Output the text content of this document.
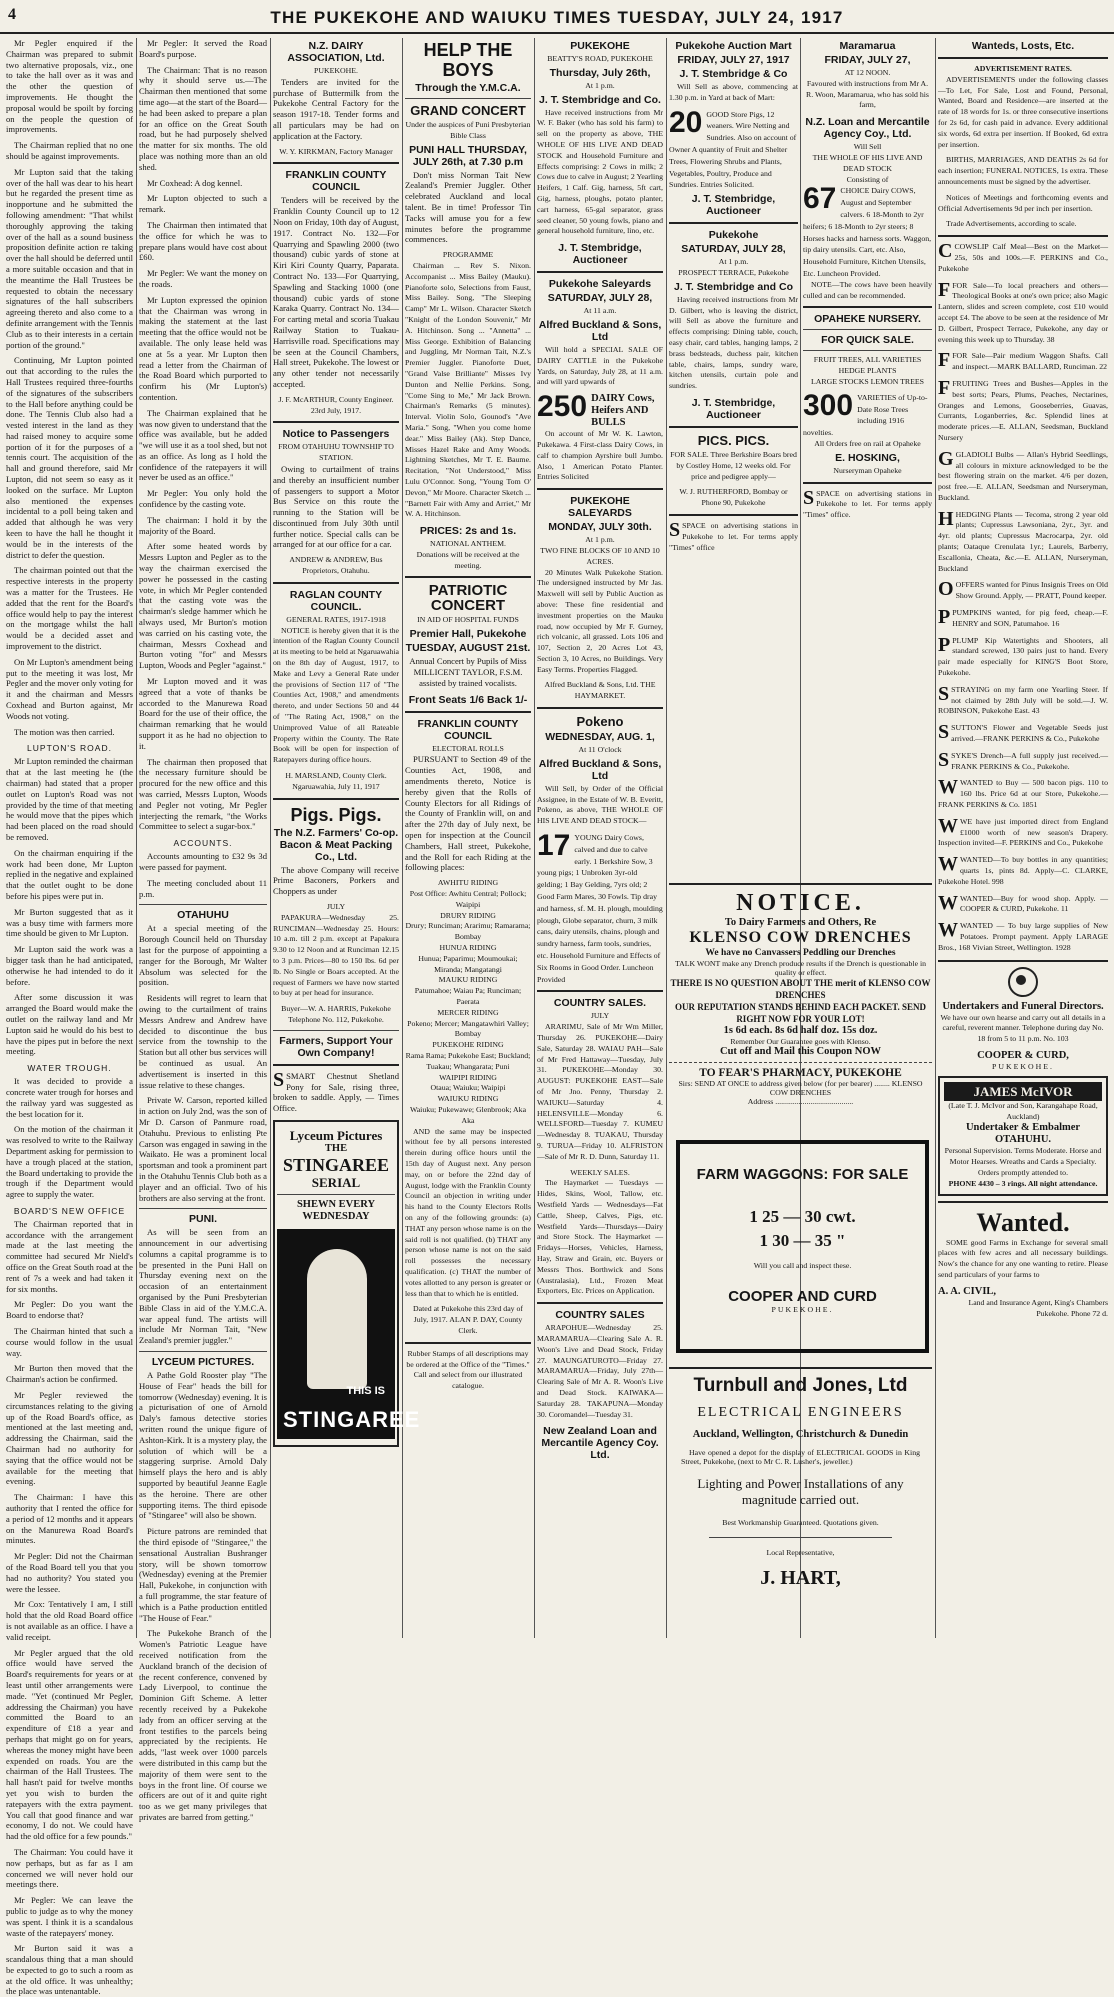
4	THE PUKEKOHE AND WAIUKU TIMES TUESDAY, JULY 24, 1917

Mr Pegler enquired if the Chairman was prepared to submit two alternative proposals, viz., one to take the hall over as it was and the other the question of improvements. He thought the proposal would be spoilt by forcing on the people the question of improvements.

The Chairman replied that no one should be against improvements.

Mr Lupton said that the taking over of the hall was dear to his heart but he regarded the present time as inopportune and he submitted the following amendment: "That whilst thoroughly approving the taking over of the hall as a sound business proposition definite action re taking over the hall should be deferred until a more suitable occasion and that in the meantime the Hall Trustees be requested to obtain the necessary signatures of the hall subscribers agreeing thereto and also come to a definite arrangement with the Tennis Club as to their interests in a certain portion of the ground."

Continuing, Mr Lupton pointed out that according to the rules the Hall Trustees required three-fourths of the signatures of the subscribers to the Hall before anything could be done. The Tennis Club also had a vested interest in the land as they had raised money to acquire some portion of it for the purposes of a tennis court. The acquisition of the hall and ground therefore, said Mr Lupton, did not seem so easy as it looked on the surface. Mr Lupton also mentioned the expenses incidental to a poll being taken and added that although he was very keen to have the hall he thought it would be in the interests of the district to defer the question.

The chairman pointed out that the respective interests in the property was a matter for the Trustees. He added that the rent for the Board's office would help to pay the interest on the mortgage whilst the hall would be a decided asset and improvement to the district.

On Mr Lupton's amendment being put to the meeting it was lost, Mr Pegler and the mover only voting for it and the chairman and Messrs Coxhead and Burton against, Mr Woods not voting.

The motion was then carried.

LUPTON'S ROAD.

Mr Lupton reminded the chairman that at the last meeting he (the chairman) had stated that a proper outlet on Lupton's Road was not provided by the time of that meeting he would move that the pipes which had been placed on the road should be removed.

On the chairman enquiring if the work had been done, Mr Lupton replied in the negative and explained that the outlet ought to be done before his pipes were put in.

Mr Burton suggested that as it was a busy time with farmers more time should be given to Mr Lupton.

Mr Lupton said the work was a bigger task than he had anticipated, otherwise he had intended to do it before.

After some discussion it was arranged the Board would make the outlet on the railway land and Mr Lupton said he would do his best to have the pipes put in before the next meeting.

WATER TROUGH.

It was decided to provide a concrete water trough for horses and the railway yard was suggested as the best location for it.

On the motion of the chairman it was resolved to write to the Railway Department asking for permission to have a trough placed at the station, the Board undertaking to provide the trough if the Department would agree to supply the water.

BOARD'S NEW OFFICE

The Chairman reported that in accordance with the arrangement made at the last meeting the committee had secured Mr Nield's office on the Great South road at the rent of 7s a week and had taken it for six months.

Mr Pegler: Do you want the Board to endorse that?

The Chairman hinted that such a course would follow in the usual way.

Mr Burton then moved that the Chairman's action be confirmed.

Mr Pegler reviewed the circumstances relating to the giving up of the Road Board's office, as mentioned at the last meeting and, addressing the Chairman, said the Chairman had no authority for saying that the office would not be available for the meeting that evening.

The Chairman: I have this authority that I rented the office for a period of 12 months and it appears on the Manurewa Road Board's minutes.

Mr Pegler: Did not the Chairman of the Road Board tell you that you had no authority? You stated you were the lessee.

Mr Cox: Tentatively I am, I still hold that the old Road Board office is not available as an office. I have a valid receipt.

Mr Pegler argued that the old office would have served the Board's requirements for years or at least until other arrangements were made. "Yet (continued Mr Pegler, addressing the Chairman) you have committed the Board to an expenditure of £18 a year and perhaps that might go on for years, whereas the money might have been expended on roads. You are the chairman of the Hall Trustees. The hall hasn't paid for twelve months yet you wish to burden the ratepayers with the extra payment. You call that good finance and war economy, I do not. We could have had the old office for a few pounds."

The Chairman: You could have it now perhaps, but as far as I am concerned we will never hold our meetings there.

Mr Pegler: We can leave the public to judge as to why the money was spent. I think it is a scandalous waste of the ratepayers' money.

Mr Burton said it was a scandalous thing that a man should be expected to go to such a room as at the old office. It was unhealthy; the place was untenantable.

Mr Pegler: It served the Road Board's purpose.

The Chairman: That is no reason why it should serve us.—The Chairman then mentioned that some time ago—at the start of the Board—he had been asked to prepare a plan for an office on the Great South road, but he had purposely shelved the matter for six months. The old place was nothing more than an old shed.

Mr Coxhead: A dog kennel.

Mr Lupton objected to such a remark.

The Chairman then intimated that the office for which he was to prepare plans would have cost about £60.

Mr Pegler: We want the money on the roads.

Mr Lupton expressed the opinion that the Chairman was wrong in making the statement at the last meeting that the office would not be available. The only lease held was one at 5s a year. Mr Lupton then read a letter from the Chairman of the Road Board which purported to confirm his (Mr Lupton's) contention.

The Chairman explained that he was now given to understand that the office was available, but he added "we will use it as a tool shed, but not as an office. As long as I hold the confidence of the ratepayers it will never be used as an office."

Mr Pegler: You only hold the confidence by the casting vote.

The chairman: I hold it by the majority of the Board.

After some heated words by Messrs Lupton and Pegler as to the way the chairman exercised the power he possessed in the casting vote, in which Mr Pegler contended that the casting vote was the chairman's sledge hammer which he always used, Mr Burton's motion was carried on his casting vote, the chairman, Messrs Coxhead and Burton voting "for" and Messrs Lupton, Woods and Pegler "against."

Mr Lupton moved and it was agreed that a vote of thanks be accorded to the Manurewa Road Board for the use of their office, the chairman remarking that he would support it as he had no objection to it.

The chairman then proposed that the necessary furniture should be procured for the new office and this was carried, Messrs Lupton, Woods and Pegler not voting, Mr Pegler interjecting the remark, "the Works Committee to select a sugar-box."

ACCOUNTS.

Accounts amounting to £32 9s 3d were passed for payment.

The meeting concluded about 11 p.m.

OTAHUHU

At a special meeting of the Borough Council held on Thursday last for the purpose of appointing a ranger for the Borough, Mr Walter Absolum was selected for the position.

Residents will regret to learn that owing to the curtailment of trains Messrs Andrew and Andrew have decided to discontinue the bus service from the township to the Station but all other bus services will be continued as usual. An advertisement is inserted in this issue relative to these changes.

Private W. Carson, reported killed in action on July 2nd, was the son of Mr D. Carson of Panmure road, Otahuhu. Previous to enlisting Pte Carson was engaged in sawing in the Waikato. He was a prominent local sportsman and took a prominent part in the Otahuhu Tennis Club both as a player and an official. Two of his brothers are also serving at the front.

PUNI.

As will be seen from an announcement in our advertising columns a capital programme is to be presented in the Puni Hall on Thursday evening next on the occasion of an entertainment organised by the Puni Presbyterian Bible Class in aid of the Y.M.C.A. war appeal fund. The artists will include Mr Norman Tait, "New Zealand's premier juggler."

LYCEUM PICTURES.

A Pathe Gold Rooster play "The House of Fear" heads the bill for tomorrow (Wednesday) evening. It is a picturisation of one of Arnold Daly's famous detective stories written round the unique figure of Ashton-Kirk. It is a mystery play, the solution of which will be a staggering surprise. Arnold Daly himself plays the hero and is ably supported by beautiful Jeanne Eagle as the heroine. There are other supporting items. The third episode of "Stingaree" will also be shown.

Picture patrons are reminded that the third episode of "Stingaree," the sensational Australian Bushranger story, will be shown tomorrow (Wednesday) evening at the Premier Hall, Pukekohe, in conjunction with a full programme, the star feature of which is a Pathe production entitled "The House of Fear."

The Pukekohe Branch of the Women's Patriotic League have received notification from the Auckland branch of the decision of the recent conference, convened by Lady Liverpool, to continue the Dominion Gift Scheme. A letter recently received by a Pukekohe lady from an officer serving at the front testifies to the parcels being appreciated by the recipients. He adds, "last week over 1000 parcels were distributed in this camp but the majority of them were sent to the boys in the front line. Of course we officers are out of it and quite right too as we get many privileges that privates are barred from getting."

N.Z. DAIRY ASSOCIATION, Ltd.
PUKEKOHE.

Tenders are invited for the purchase of Buttermilk from the Pukekohe Central Factory for the season 1917-18. Tender forms and all particulars may be had on application at the Factory.

W. Y. KIRKMAN, Factory Manager
FRANKLIN COUNTY COUNCIL

Tenders will be received by the Franklin County Council up to 12 Noon on Friday, 10th day of August, 1917. Contract No. 132—For Quarrying and Spawling 2000 (two thousand) cubic yards of stone at Kiri Kiri County Quarry, Paparata. Contract No. 133—For Quarrying, Spawling and Stacking 1000 (one thousand) cubic yards of stone Karaka Quarry. Contract No. 134—For carting metal and scoria Tuakau Railway Station to Tuakau-Harrisville road. Specifications may be seen at the Council Chambers, Hall street, Pukekohe. The lowest or any other tender not necessarily accepted.

J. F. McARTHUR, County Engineer. 23rd July, 1917.
Notice to Passengers
FROM OTAHUHU TOWNSHIP TO STATION.

Owing to curtailment of trains and thereby an insufficient number of passengers to support a Motor Bus Service on this route the running to the Station will be discontinued from July 30th until further notice. Special calls can be arranged for at our office for a car.

ANDREW & ANDREW, Bus Proprietors, Otahuhu.
RAGLAN COUNTY COUNCIL.
GENERAL RATES, 1917-1918

NOTICE is hereby given that it is the intention of the Raglan County Council at its meeting to be held at Ngaruawahia on the 8th day of August, 1917, to Make and Levy a General Rate under the provisions of Section 117 of "The Counties Act, 1908," and amendments thereto, and under Sections 50 and 44 of "The Rating Act, 1908," on the Unimproved Value of all Rateable Property within the County. The Rate Book will be open for inspection of Ratepayers during office hours.

H. MARSLAND, County Clerk. Ngaruawahia, July 11, 1917
Pigs. Pigs.
The N.Z. Farmers' Co-op. Bacon & Meat Packing Co., Ltd.

The above Company will receive Prime Baconers, Porkers and Choppers as under

JULY

PAPAKURA—Wednesday 25. RUNCIMAN—Wednesday 25. Hours: 10 a.m. till 2 p.m. except at Papakura 9.30 to 12 Noon and at Runciman 12.15 to 3 p.m. Prices—80 to 150 lbs. 6d per lb. No Single or Boars accepted. At the request of Farmers we have now started to buy at per head for insurance.

Buyer—W. A. HARRIS, Pukekohe
Telephone No. 112, Pukekohe.
Farmers, Support Your Own Company!

SSMART Chestnut Shetland Pony for Sale, rising three, broken to saddle. Apply, — Times Office.

Lyceum Pictures
THE
STINGAREE
SERIAL
SHEWN EVERY WEDNESDAY
THIS IS
STINGAREE
HELP THE BOYS
Through the Y.M.C.A.
GRAND CONCERT
Under the auspices of Puni Presbyterian Bible Class
PUNI HALL THURSDAY, JULY 26th, at 7.30 p.m

Don't miss Norman Tait New Zealand's Premier Juggler. Other celebrated Auckland and local talent. Be in time! Professor Tin Tacks will amuse you for a few minutes before the programme commences.

PROGRAMME

Chairman ... Rev S. Nixon. Accompanist ... Miss Bailey (Mauku). Pianoforte solo, Selections from Faust, Miss Bailey. Song, "The Sleeping Camp" Mr L. Wilson. Character Sketch "Knight of the London Souvenir," Mr A. Hitchinson. Song ... "Annetta" ... Miss George. Exhibition of Balancing and Juggling, Mr Norman Tait, N.Z.'s Premier Juggler. Pianoforte Duet, "Grand Valse Brilliante" Misses Ivy Dunton and Nellie Perkins. Song, "Come Sing to Me," Mr Jack Brown. Chairman's Remarks (5 minutes). Interval. Violin Solo, Gounod's "Ave Maria." Song, "When you come home dear." Miss Bailey (Ak). Step Dance, Misses Hazel Rake and Amy Woods. Lightning Sketches, Mr T. E. Baume. Recitation, "Not Understood," Miss Lulu O'Connor. Song, "Young Tom O' Devon," Mr Moore. Character Sketch ... "Barnett Fair with Amy and Arriet," Mr W. A. Hitchinson.

PRICES: 2s and 1s.
NATIONAL ANTHEM.
Donations will be received at the meeting.
PATRIOTIC CONCERT
IN AID OF HOSPITAL FUNDS
Premier Hall, Pukekohe
TUESDAY, AUGUST 21st.

Annual Concert by Pupils of Miss MILLICENT TAYLOR, F.S.M. assisted by trained vocalists.

Front Seats 1/6 Back 1/-
FRANKLIN COUNTY COUNCIL
ELECTORAL ROLLS

PURSUANT to Section 49 of the Counties Act, 1908, and amendments thereto, Notice is hereby given that the Rolls of County Electors for all Ridings of the County of Franklin will, on and after the 27th day of July next, be open for inspection at the Council Chambers, Hall street, Pukekohe, and the Roll for each Riding at the following places:

AWHITU RIDING
Post Office: Awhitu Central; Pollock; Waipipi
DRURY RIDING
Drury; Runciman; Ararimu; Ramarama; Bombay
HUNUA RIDING
Hunua; Paparimu; Moumoukai; Miranda; Mangatangi
MAUKU RIDING
Patumahoe; Waiau Pa; Runciman; Paerata
MERCER RIDING
Pokeno; Mercer; Mangatawhiri Valley; Bombay
PUKEKOHE RIDING
Rama Rama; Pukekohe East; Buckland; Tuakau; Whangarata; Puni
WAIPIPI RIDING
Otaua; Waiuku; Waipipi
WAIUKU RIDING
Waiuku; Pukewawe; Glenbrook; Aka Aka

AND the same may be inspected without fee by all persons interested therein during office hours until the 15th day of August next. Any person may, on or before the 22nd day of August, lodge with the Franklin County Council an objection in writing under his hand to the County Electors Rolls on any of the following grounds: (a) THAT any person whose name is on the said roll is not qualified. (b) THAT any person whose name is not on the said roll possesses the necessary qualification. (c) THAT the number of votes allotted to any person is greater or less than that to which he is entitled.

Dated at Pukekohe this 23rd day of July, 1917. ALAN P. DAY, County Clerk.

Rubber Stamps of all descriptions may be ordered at the Office of the "Times." Call and select from our illustrated catalogue.

PUKEKOHE
BEATTY'S ROAD, PUKEKOHE
Thursday, July 26th,
At 1 p.m.
J. T. Stembridge and Co.

Have received instructions from Mr W. F. Baker (who has sold his farm) to sell on the property as above, THE WHOLE OF HIS LIVE AND DEAD STOCK and Household Furniture and Effects comprising: 2 Cows in milk; 2 Cows due to calve in August; 2 Yearling Heifers, 1 Calf. Gig, harness, 5ft cart, Gig, harness, ploughs, potato planter, cart harness, 65-gal separator, grass seed cleaner, 50 young fowls, piano and general household furniture, lino, etc.

J. T. Stembridge, Auctioneer
Pukekohe Saleyards
SATURDAY, JULY 28,
At 11 a.m.
Alfred Buckland & Sons, Ltd

Will hold a SPECIAL SALE OF DAIRY CATTLE in the Pukekohe Yards, on Saturday, July 28, at 11 a.m. and will yard upwards of

250 DAIRY Cows, Heifers AND BULLS

On account of Mr W. K. Lawton, Pukekawa. 4 First-class Dairy Cows, in calf to champion Ayrshire bull Jumbo. Also, 1 American Potato Planter. Entries Solicited

PUKEKOHE SALEYARDS
MONDAY, JULY 30th.
At 1 p.m.
TWO FINE BLOCKS OF 10 AND 10 ACRES.

20 Minutes Walk Pukekohe Station. The undersigned instructed by Mr Jas. Maxwell will sell by Public Auction as above: These fine residential and investment properties on the Mauku road, now occupied by Mr F. Gurney, rich volcanic, all grassed. Lots 106 and 107, Section 2, 20 Acres Lot 43, Section 3, 10 Acres, no Buildings. Very Easy Terms. Properties Flagged.

Alfred Buckland & Sons, Ltd. THE HAYMARKET.
Pokeno
WEDNESDAY, AUG. 1,
At 11 O'clock
Alfred Buckland & Sons, Ltd

Will Sell, by Order of the Official Assignee, in the Estate of W. B. Everitt, Pokeno, as above, THE WHOLE OF HIS LIVE AND DEAD STOCK—

17 YOUNG Dairy Cows, calved and due to calve early. 1 Berkshire Sow, 3 young pigs; 1 Unbroken 3yr-old gelding; 1 Bay Gelding, 7yrs old; 2 Good Farm Mares, 30 Fowls. Tip dray and harness, sf. M. H. plough, moulding plough, Globe separator, churn, 3 milk cans, dairy utensils, chains, plough and sundry harness, farm tools, sundries, etc. Household Furniture and Effects of Six Rooms in Good Order. Luncheon Provided
COUNTRY SALES.
JULY

ARARIMU, Sale of Mr Wm Miller, Thursday 26. PUKEKOHE—Dairy Sale, Saturday 28. WAIAU PAH—Sale of Mr Fred Hattaway—Tuesday, July 31. PUKEKOHE—Monday 30. AUGUST: PUKEKOHE EAST—Sale of Mr Jno. Penny, Thursday 2. WAIUKU—Saturday 4. HELENSVILLE—Monday 6. WELLSFORD—Tuesday 7. KUMEU—Wednesday 8. TUAKAU, Thursday 9. TURUA—Friday 10. ALFRISTON—Sale of Mr R. D. Dunn, Saturday 11.

WEEKLY SALES.

The Haymarket — Tuesdays — Hides, Skins, Wool, Tallow, etc. Westfield Yards — Wednesdays—Fat Cattle, Sheep, Calves, Pigs, etc. Westfield Yards—Thursdays—Dairy and Store Stock. The Haymarket — Fridays—Horses, Vehicles, Harness, Hay, Straw and Grain, etc. Buyers or Messrs Thos. Borthwick and Sons (Australasia), Ltd., Frozen Meat Exporters, Etc. Prices on Application.

COUNTRY SALES

ARAPOHUE—Wednesday 25. MARAMARUA—Clearing Sale A. R. Woon's Live and Dead Stock, Friday 27. MAUNGATUROTO—Friday 27. MARAMARUA—Friday, July 27th—Clearing Sale of Mr A. R. Woon's Live and Dead Stock. KAIWAKA—Saturday 28. TAKAPUNA—Monday 30. Coromandel—Tuesday 31.

New Zealand Loan and Mercantile Agency Coy. Ltd.
Pukekohe Auction Mart
FRIDAY, JULY 27, 1917
J. T. Stembridge & Co

Will Sell as above, commencing at 1.30 p.m. in Yard at back of Mart:

20 GOOD Store Pigs, 12 weaners. Wire Netting and Sundries. Also on account of Owner A quantity of Fruit and Shelter Trees, Flowering Shrubs and Plants, Vegetables, Poultry, Produce and Sundries. Entries Solicited.
J. T. Stembridge, Auctioneer
Pukekohe
SATURDAY, JULY 28,
At 1 p.m.
PROSPECT TERRACE, Pukekohe
J. T. Stembridge and Co

Having received instructions from Mr D. Gilbert, who is leaving the district, will Sell as above the furniture and effects comprising: Dining table, couch, easy chair, card tables, hanging lamps, 2 brass bedsteads, duchess pair, kitchen table, chairs, lamps, sundry ware, kitchen utensils, curtain pole and sundries.

J. T. Stembridge, Auctioneer
PICS. PICS.

FOR SALE. Three Berkshire Boars bred by Costley Home, 12 weeks old. For price and pedigree apply—

W. J. RUTHERFORD, Bombay or Phone 90, Pukekohe

SSPACE on advertising stations in Pukekohe to let. For terms apply "Times" office

Maramarua
FRIDAY, JULY 27,
AT 12 NOON.

Favoured with instructions from Mr A. R. Woon, Maramarua, who has sold his farm,

N.Z. Loan and Mercantile Agency Coy., Ltd.
Will Sell
THE WHOLE OF HIS LIVE AND DEAD STOCK
Consisting of
67 CHOICE Dairy COWS, August and September calvers. 6 18-Month to 2yr heifers; 6 18-Month to 2yr steers; 8 Horses hacks and harness sorts. Waggon, tip dairy utensils. Cart, etc. Also, Household Furniture, Kitchen Utensils, Etc. Luncheon Provided.

NOTE—The cows have been heavily culled and can be recommended.

OPAHEKE NURSERY.
FOR QUICK SALE.
FRUIT TREES, ALL VARIETIES HEDGE PLANTS
LARGE STOCKS LEMON TREES
300 VARIETIES of Up-to-Date Rose Trees including 1916 novelties.
All Orders free on rail at Opaheke
E. HOSKING,
Nurseryman Opaheke

SSPACE on advertising stations in Pukekohe to let. For terms apply "Times" office.

NOTICE.
To Dairy Farmers and Others, Re
KLENSO COW DRENCHES
We have no Canvassers Peddling our Drenches
TALK WONT make any Drench produce results if the Drench is questionable in quality or effect.
THERE IS NO QUESTION ABOUT THE merit of KLENSO COW DRENCHES
OUR REPUTATION STANDS BEHIND EACH PACKET. SEND RIGHT NOW FOR YOUR LOT!
1s 6d each. 8s 6d half doz. 15s doz.
Remember Our Guarantee goes with Klenso.
Cut off and Mail this Coupon NOW
TO FEAR'S PHARMACY, PUKEKOHE
Sirs: SEND AT ONCE to address given below (for per bearer) ........ KLENSO COW DRENCHES
Address ........................................
FARM WAGGONS: FOR SALE
1 25 — 30 cwt.
1 30 — 35 "
Will you call and inspect these.
COOPER AND CURD
PUKEKOHE.
Turnbull and Jones, Ltd
ELECTRICAL ENGINEERS
Auckland, Wellington, Christchurch & Dunedin

Have opened a depot for the display of ELECTRICAL GOODS in King Street, Pukekohe, (next to Mr C. R. Lusher's, jeweller.)

Lighting and Power Installations of any magnitude carried out.
Best Workmanship Guaranteed. Quotations given.
Local Representative,
J. HART,
Wanteds, Losts, Etc.
ADVERTISEMENT RATES.

ADVERTISEMENTS under the following classes—To Let, For Sale, Lost and Found, Personal, Wanted, Board and Residence—are inserted at the rate of 18 words for 1s. or three consecutive insertions for 2s 6d, for cash paid in advance. Every additional six words, 6d extra per insertion. If Booked, 6d extra per insertion.

BIRTHS, MARRIAGES, AND DEATHS 2s 6d for each insertion; FUNERAL NOTICES, 1s extra. These announcements must be signed by the advertiser.

Notices of Meetings and forthcoming events and Official Advertisements 9d per inch per insertion.

Trade Advertisements, according to scale.

CCOWSLIP Calf Meal—Best on the Market—25s, 50s and 100s.—F. PERKINS and Co., Pukekohe

FFOR Sale—To local preachers and others—Theological Books at one's own price; also Magic Lantern, slides and screen complete, cost £10 would accept £4. The above to be seen at the residence of Mr D. Gilbert, Prospect Terrace, Pukekohe, any day or evening this week up to Thursday. 38

FFOR Sale—Pair medium Waggon Shafts. Call and inspect.—MARK BALLARD, Runciman. 22

FFRUITING Trees and Bushes—Apples in the best sorts; Pears, Plums, Peaches, Nectarines, Oranges and Lemons, Gooseberries, Guavas, Currants, Loganberries, &c. Splendid lines at moderate prices.—E. ALLAN, Seedsman, Buckland Nursery

GGLADIOLI Bulbs — Allan's Hybrid Seedlings, all colours in mixture acknowledged to be the best flowering strain on the market. 4/6 per dozen, post free.—E. ALLAN, Seedsman and Nurseryman, Buckland.

HHEDGING Plants — Tecoma, strong 2 year old plants; Cupressus Lawsoniana, 2yr., 3yr. and 4yr. old plants; Cupressus Macrocarpa, 2yr. old plants; Oataque Crenulata 1yr.; Laurels, Barberry, Escallonia, Cheata, &c.—E. ALLAN, Nurseryman, Buckland

OOFFERS wanted for Pinus Insignis Trees on Old Show Ground. Apply, — PRATT, Pound keeper.

PPUMPKINS wanted, for pig feed, cheap.—F. HENRY and SON, Patumahoe. 16

PPLUMP Kip Watertights and Shooters, all standard screwed, 130 pairs just to hand. Every pair made especially for KING'S Boot Store, Pukekohe.

SSTRAYING on my farm one Yearling Steer. If not claimed by 28th July will be sold.—J. W. ROBINSON, Pukekohe East. 43

SSUTTON'S Flower and Vegetable Seeds just arrived.—FRANK PERKINS & Co., Pukekohe

SSYKE'S Drench—A full supply just received.—FRANK PERKINS & Co., Pukekohe.

WWANTED to Buy — 500 bacon pigs. 110 to 160 lbs. Price 6d at our Store, Pukekohe.—FRANK PERKINS & Co. 1851

WWE have just imported direct from England £1000 worth of new season's Drapery. Inspection invited—F. PERKINS and Co., Pukekohe

WWANTED—To buy bottles in any quantities; quarts 1s, pints 8d. Apply—C. CLARKE, Pukekohe Hotel. 998

WWANTED—Buy for wood shop. Apply. — COOPER & CURD, Pukekohe. 11

WWANTED — To buy large supplies of New Potatoes. Prompt payment. Apply LARAGE Bros., 168 Vivian Street, Wellington. 1928

Undertakers and Funeral Directors.

We have our own hearse and carry out all details in a careful, reverent manner. Telephone during day No. 18 from 5 to 11 p.m. No. 103

COOPER & CURD,
PUKEKOHE.
JAMES McIVOR
(Late T. J. McIvor and Son, Karangahape Road, Auckland)
Undertaker & Embalmer OTAHUHU.
Personal Supervision. Terms Moderate. Horse and Motor Hearses. Wreaths and Cards a Specialty. Orders promptly attended to.
PHONE 4430 – 3 rings. All night attendance.
Wanted.

SOME good Farms in Exchange for several small places with few acres and all necessary buildings. Now's the chance for any one wanting to retire. Please send particulars of your farms to

A. A. CIVIL,
Land and Insurance Agent, King's Chambers Pukekohe. Phone 72 d.
